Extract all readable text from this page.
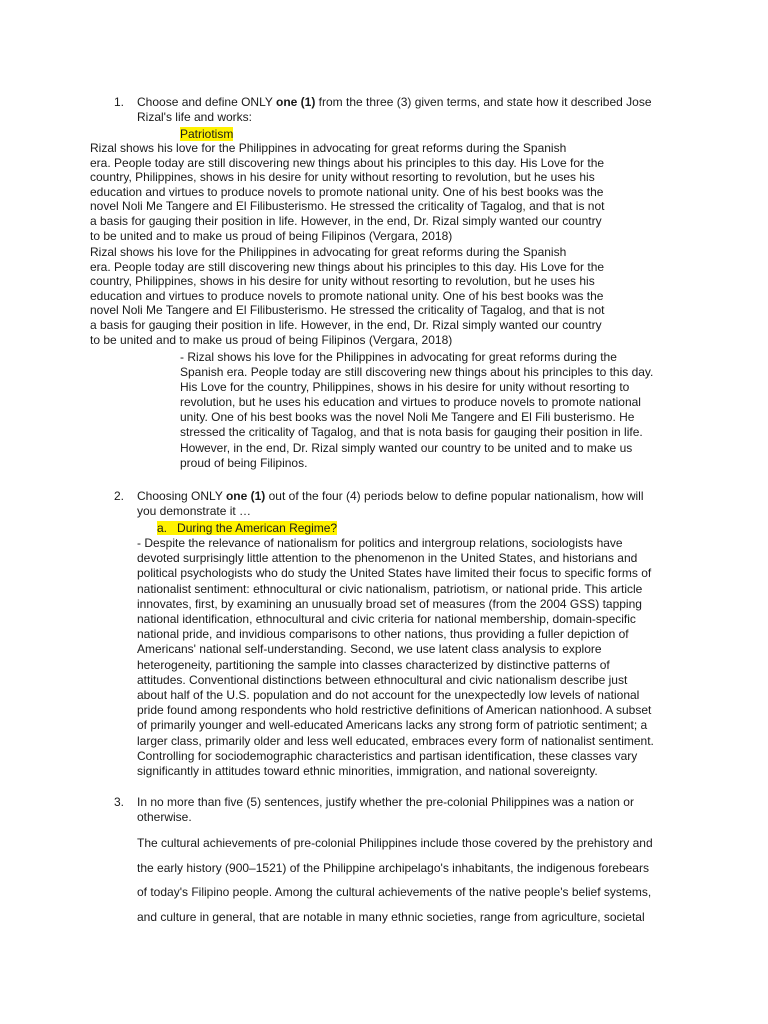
1. Choose and define ONLY one (1) from the three (3) given terms, and state how it described Jose
Rizal's life and works:
Patriotism
Rizal shows his love for the Philippines in advocating for great reforms during the Spanish
era. People today are still discovering new things about his principles to this day. His Love for the
country, Philippines, shows in his desire for unity without resorting to revolution, but he uses his
education and virtues to produce novels to promote national unity. One of his best books was the
novel Noli Me Tangere and El Filibusterismo. He stressed the criticality of Tagalog, and that is not
a basis for gauging their position in life. However, in the end, Dr. Rizal simply wanted our country
to be united and to make us proud of being Filipinos (Vergara, 2018)
Rizal shows his love for the Philippines in advocating for great reforms during the Spanish
era. People today are still discovering new things about his principles to this day. His Love for the
country, Philippines, shows in his desire for unity without resorting to revolution, but he uses his
education and virtues to produce novels to promote national unity. One of his best books was the
novel Noli Me Tangere and El Filibusterismo. He stressed the criticality of Tagalog, and that is not
a basis for gauging their position in life. However, in the end, Dr. Rizal simply wanted our country
to be united and to make us proud of being Filipinos (Vergara, 2018)
- Rizal shows his love for the Philippines in advocating for great reforms during the
Spanish era. People today are still discovering new things about his principles to this day.
His Love for the country, Philippines, shows in his desire for unity without resorting to
revolution, but he uses his education and virtues to produce novels to promote national
unity. One of his best books was the novel Noli Me Tangere and El Fili busterismo. He
stressed the criticality of Tagalog, and that is nota basis for gauging their position in life.
However, in the end, Dr. Rizal simply wanted our country to be united and to make us
proud of being Filipinos.
2. Choosing ONLY one (1) out of the four (4) periods below to define popular nationalism, how will
you demonstrate it …
a. During the American Regime?
- Despite the relevance of nationalism for politics and intergroup relations, sociologists have
devoted surprisingly little attention to the phenomenon in the United States, and historians and
political psychologists who do study the United States have limited their focus to specific forms of
nationalist sentiment: ethnocultural or civic nationalism, patriotism, or national pride. This article
innovates, first, by examining an unusually broad set of measures (from the 2004 GSS) tapping
national identification, ethnocultural and civic criteria for national membership, domain-specific
national pride, and invidious comparisons to other nations, thus providing a fuller depiction of
Americans' national self-understanding. Second, we use latent class analysis to explore
heterogeneity, partitioning the sample into classes characterized by distinctive patterns of
attitudes. Conventional distinctions between ethnocultural and civic nationalism describe just
about half of the U.S. population and do not account for the unexpectedly low levels of national
pride found among respondents who hold restrictive definitions of American nationhood. A subset
of primarily younger and well-educated Americans lacks any strong form of patriotic sentiment; a
larger class, primarily older and less well educated, embraces every form of nationalist sentiment.
Controlling for sociodemographic characteristics and partisan identification, these classes vary
significantly in attitudes toward ethnic minorities, immigration, and national sovereignty.
3. In no more than five (5) sentences, justify whether the pre-colonial Philippines was a nation or
otherwise.
The cultural achievements of pre-colonial Philippines include those covered by the prehistory and
the early history (900–1521) of the Philippine archipelago's inhabitants, the indigenous forebears
of today's Filipino people. Among the cultural achievements of the native people's belief systems,
and culture in general, that are notable in many ethnic societies, range from agriculture, societal
